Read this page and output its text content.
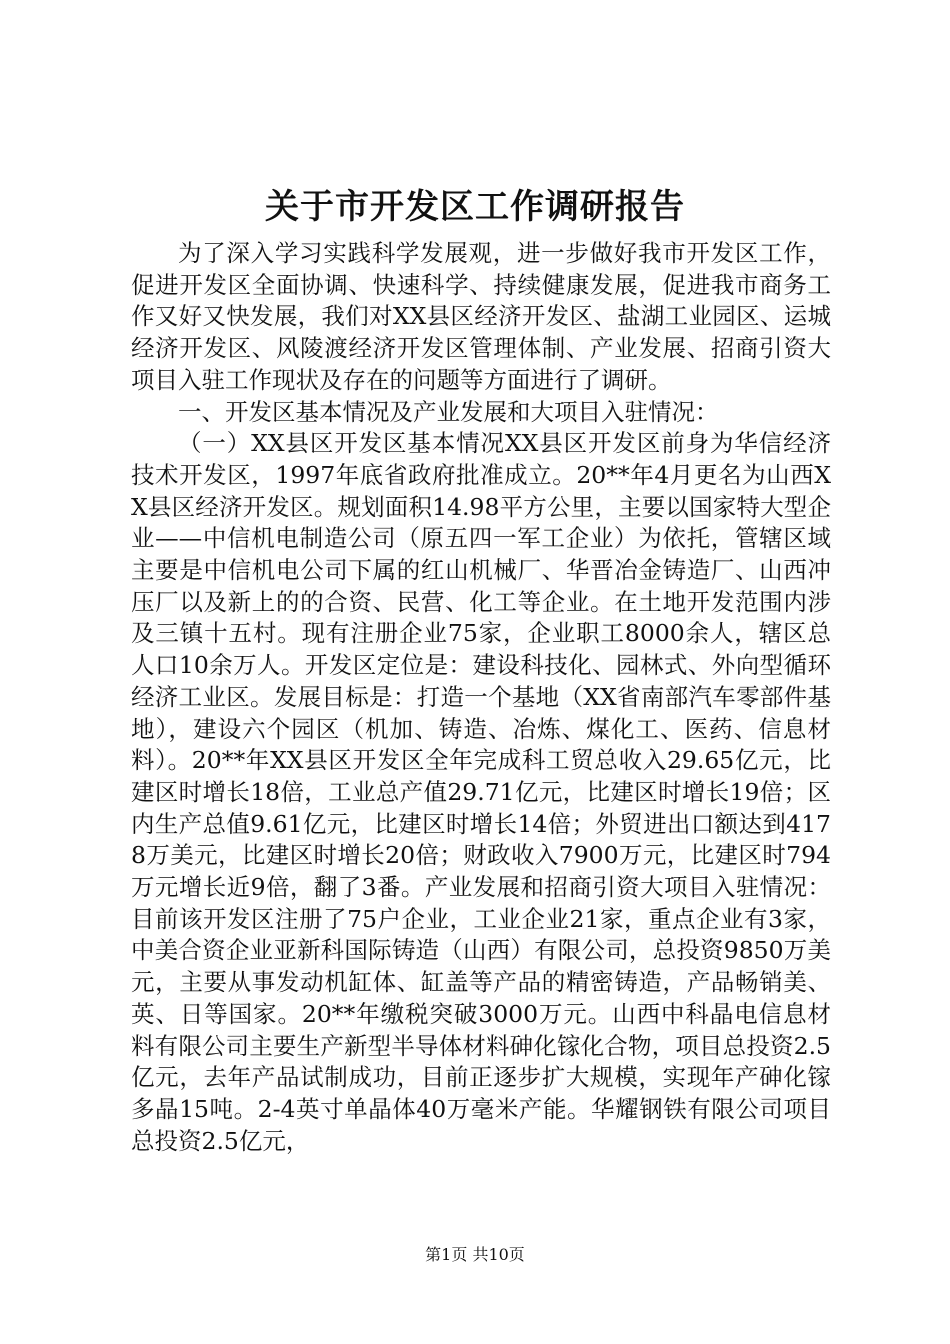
关于市开发区工作调研报告

为了深入学习实践科学发展观，进一步做好我市开发区工作，促进开发区全面协调、快速科学、持续健康发展，促进我市商务工作又好又快发展，我们对XX县区经济开发区、盐湖工业园区、运城经济开发区、风陵渡经济开发区管理体制、产业发展、招商引资大项目入驻工作现状及存在的问题等方面进行了调研。

一、开发区基本情况及产业发展和大项目入驻情况：

（一）XX县区开发区基本情况XX县区开发区前身为华信经济技术开发区，1997年底省政府批准成立。20**年4月更名为山西XX县区经济开发区。规划面积14.98平方公里，主要以国家特大型企业——中信机电制造公司（原五四一军工企业）为依托，管辖区域主要是中信机电公司下属的红山机械厂、华晋冶金铸造厂、山西冲压厂以及新上的的合资、民营、化工等企业。在土地开发范围内涉及三镇十五村。现有注册企业75家，企业职工8000余人，辖区总人口10余万人。开发区定位是：建设科技化、园林式、外向型循环经济工业区。发展目标是：打造一个基地（XX省南部汽车零部件基地），建设六个园区（机加、铸造、冶炼、煤化工、医药、信息材料）。20**年XX县区开发区全年完成科工贸总收入29.65亿元，比建区时增长18倍，工业总产值29.71亿元，比建区时增长19倍；区内生产总值9.61亿元，比建区时增长14倍；外贸进出口额达到4178万美元，比建区时增长20倍；财政收入7900万元，比建区时794万元增长近9倍，翻了3番。产业发展和招商引资大项目入驻情况：目前该开发区注册了75户企业，工业企业21家，重点企业有3家，中美合资企业亚新科国际铸造（山西）有限公司，总投资9850万美元，主要从事发动机缸体、缸盖等产品的精密铸造，产品畅销美、英、日等国家。20**年缴税突破3000万元。山西中科晶电信息材料有限公司主要生产新型半导体材料砷化镓化合物，项目总投资2.5亿元，去年产品试制成功，目前正逐步扩大规模，实现年产砷化镓多晶15吨。2-4英寸单晶体40万毫米产能。华耀钢铁有限公司项目总投资2.5亿元，

第1页 共10页
